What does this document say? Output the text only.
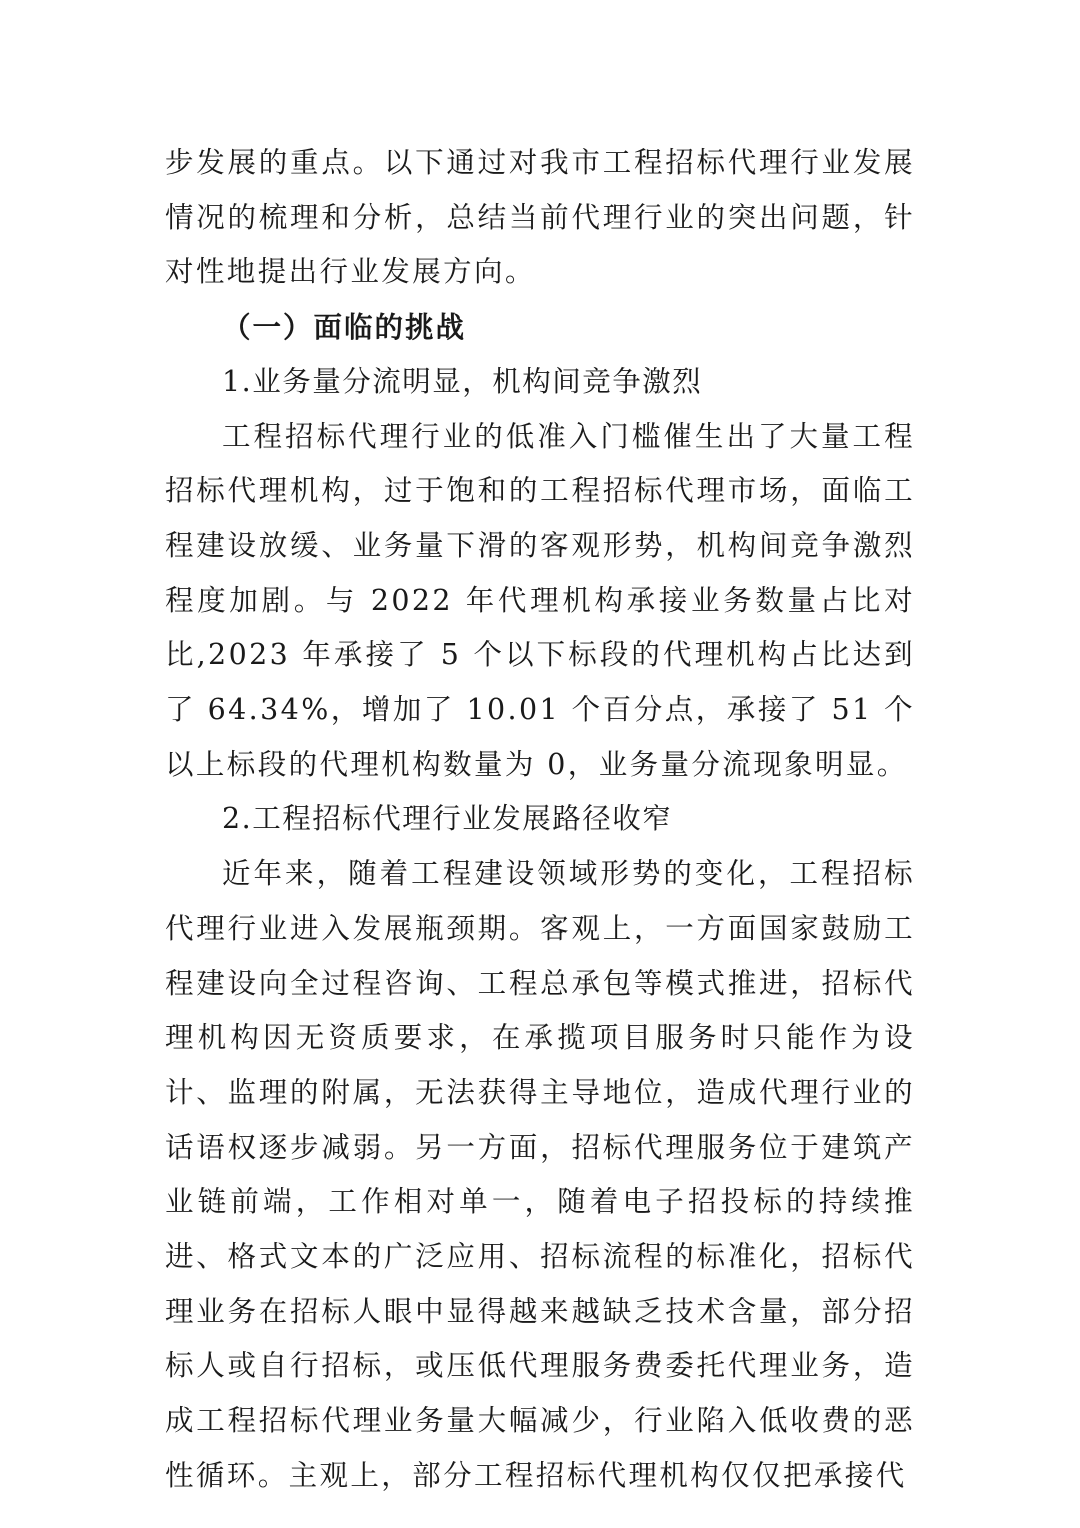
步发展的重点。以下通过对我市工程招标代理行业发展情况的梳理和分析，总结当前代理行业的突出问题，针对性地提出行业发展方向。

（一）面临的挑战

1.业务量分流明显，机构间竞争激烈

工程招标代理行业的低准入门槛催生出了大量工程招标代理机构，过于饱和的工程招标代理市场，面临工程建设放缓、业务量下滑的客观形势，机构间竞争激烈程度加剧。与 2022 年代理机构承接业务数量占比对比,2023 年承接了 5 个以下标段的代理机构占比达到了 64.34%，增加了 10.01 个百分点，承接了 51 个以上标段的代理机构数量为 0，业务量分流现象明显。

2.工程招标代理行业发展路径收窄

近年来，随着工程建设领域形势的变化，工程招标代理行业进入发展瓶颈期。客观上，一方面国家鼓励工程建设向全过程咨询、工程总承包等模式推进，招标代理机构因无资质要求，在承揽项目服务时只能作为设计、监理的附属，无法获得主导地位，造成代理行业的话语权逐步减弱。另一方面，招标代理服务位于建筑产业链前端，工作相对单一，随着电子招投标的持续推进、格式文本的广泛应用、招标流程的标准化，招标代理业务在招标人眼中显得越来越缺乏技术含量，部分招标人或自行招标，或压低代理服务费委托代理业务，造成工程招标代理业务量大幅减少，行业陷入低收费的恶性循环。主观上，部分工程招标代理机构仅仅把承接代
